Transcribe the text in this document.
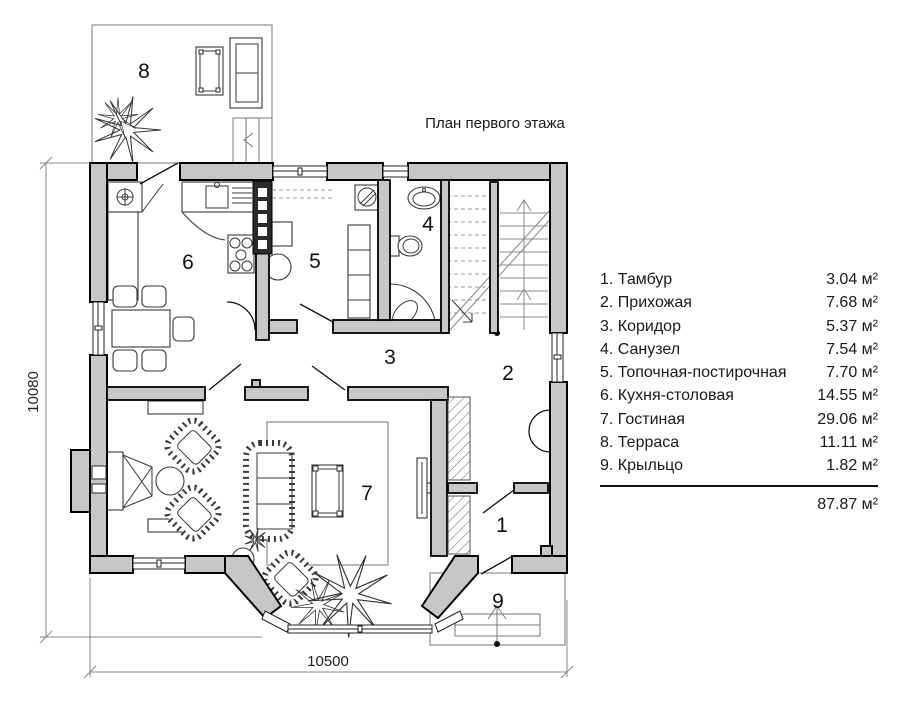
1
2
3
4
5
6
7
8
9
10080
10500
План первого этажа
1. Тамбур	3.04 м²
2. Прихожая	7.68 м²
3. Коридор	5.37 м²
4. Санузел	7.54 м²
5. Топочная-постирочная 7.70 м²
6. Кухня-столовая	14.55 м²
7. Гостиная	29.06 м²
8. Терраса	11.11 м²
9. Крыльцо	1.82 м²
87.87 м²
